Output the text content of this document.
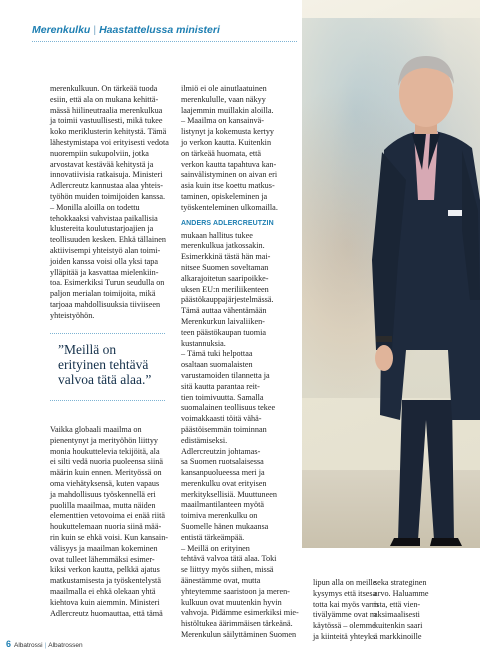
Merenkulku | Haastattelussa ministeri
merenkulkuun. On tärkeää tuoda
esiin, että ala on mukana kehittä-
mässä hiilineutraalia merenkulkua
ja toimii vastuullisesti, mikä tukee
koko meriklusterin kehitystä. Tämä
lähestymistapa voi erityisesti vedota
nuorempiin sukupolviin, jotka
arvostavat kestävää kehitystä ja
innovatiivisia ratkaisuja. Ministeri
Adlercreutz kannustaa alaa yhteis-
työhön muiden toimijoiden kanssa.
– Monilla aloilla on todettu
tehokkaaksi vahvistaa paikallisia
klustereita koulutustarjoajien ja
teollisuuden kesken. Ehkä tällainen
aktiivisempi yhteistyö alan toimi-
joiden kanssa voisi olla yksi tapa
ylläpitää ja kasvattaa mielenkiin-
toa. Esimerkiksi Turun seudulla on
paljon merialan toimijoita, mikä
tarjoaa mahdollisuuksia tiiviiseen
yhteistyöhön.
”Meillä on
erityinen tehtävä
valvoa tätä alaa.”
Vaikka globaali maailma on
pienentynyt ja merityöhön liittyy
monia houkuttelevia tekijöitä, ala
ei silti vedä nuoria puoleensa siinä
määrin kuin ennen. Merityössä on
oma viehätyksensä, kuten vapaus
ja mahdollisuus työskennellä eri
puolilla maailmaa, mutta näiden
elementtien vetovoima ei enää riitä
houkuttelemaan nuoria siinä mää-
rin kuin se ehkä voisi. Kun kansain-
välisyys ja maailman kokeminen
ovat tulleet lähemmäksi esimer-
kiksi verkon kautta, pelkkä ajatus
matkustamisesta ja työskentelystä
maailmalla ei ehkä olekaan yhtä
kiehtova kuin aiemmin. Ministeri
Adlercreutz huomauttaa, että tämä
ilmiö ei ole ainutlaatuinen
merenkululle, vaan näkyy
laajemmin muillakin aloilla.
– Maailma on kansainvä-
listynyt ja kokemusta kertyy
jo verkon kautta. Kuitenkin
on tärkeää huomata, että
verkon kautta tapahtuva kan-
sainvälistyminen on aivan eri
asia kuin itse koettu matkus-
taminen, opiskeleminen ja
työskenteleminen ulkomailla.
ANDERS ADLERCREUTZIN
mukaan hallitus tukee
merenkulkua jatkossakin.
Esimerkkinä tästä hän mai-
nitsee Suomen soveltaman
alkarajoitetun saaripoikke-
uksen EU:n meriliikenteen
päästökauppajärjestelmässä.
Tämä auttaa vähentämään
Merenkurkun laivaliiken-
teen päästökaupan tuomia
kustannuksia.
– Tämä tuki helpottaa
osaltaan suomalaisten
varustamoiden tilannetta ja
sitä kautta parantaa reit-
tien toimivuutta. Samalla
suomalainen teollisuus tekee
voimakkaasti töitä vähä-
päästöisemmän toiminnan
edistämiseksi.
Adlercreutzin johtamas-
sa Suomen ruotsalaisessa
kansanpuolueessa meri ja
merenkulku ovat erityisen
merkityksellisiä. Muuttuneen
maailmantilanteen myötä
toimiva merenkulku on
Suomelle hänen mukaansa
entistä tärkeämpää.
– Meillä on erityinen
tehtävä valvoa tätä alaa. Toki
se liittyy myös siihen, missä
äänestämme ovat, mutta
yhteytemme saaristoon ja meren-
kulkuun ovat muutenkin hyvin
vahvoja. Pidämme esimerkiksi mie-
histöltukea äärimmäisen tärkeänä.
Merenkulun säilyttäminen Suomen
lipun alla on meille
kysymys että itsesa
totta kai myös varm
tivälyämme ovat m
käytössä – olemme
ja kiinteitä yhteyks
seka strateginen
arvo. Haluamme
ista, että vien-
aksimaalisesti
kuitenkin saari
ä markkinoille
6 Albatrossi | Albatrossen
